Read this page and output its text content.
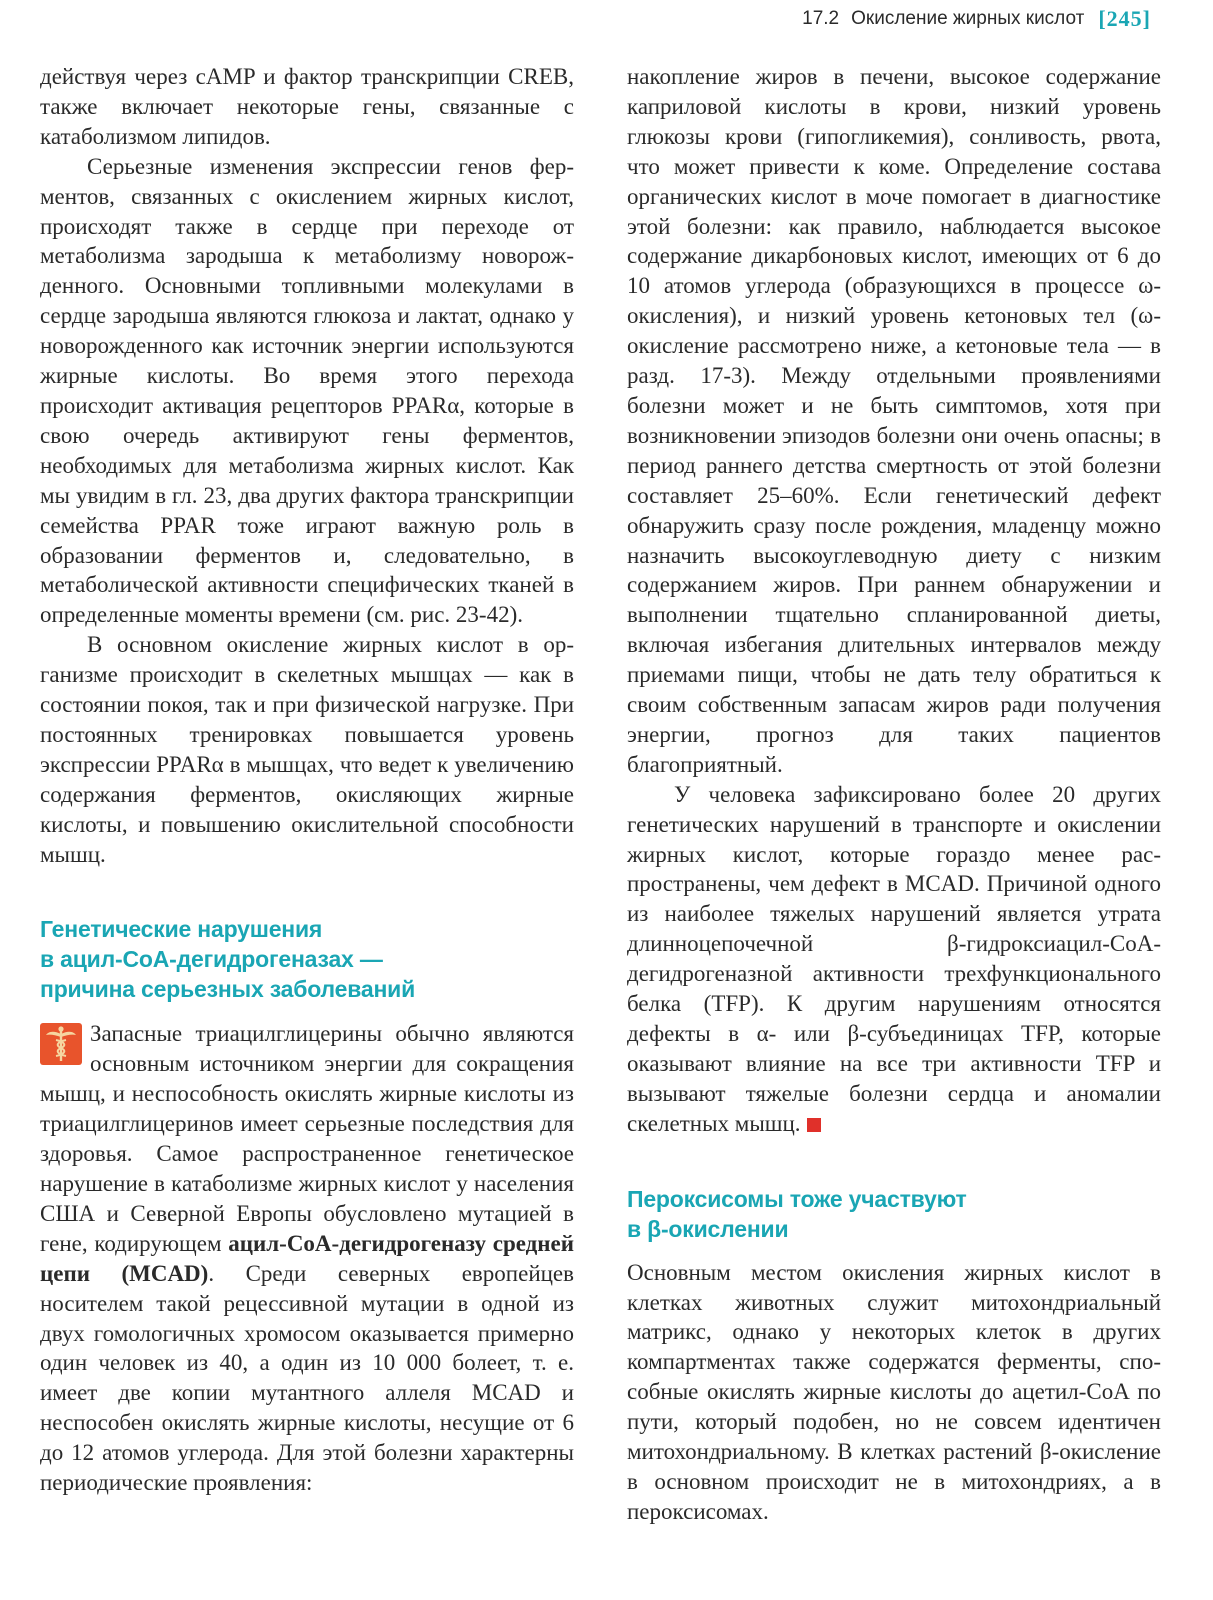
17.2 Окисление жирных кислот [245]

действуя через cAMP и фактор транскрипции CREB, также включает некоторые гены, связанные с катаболизмом липидов.

Серьезные изменения экспрессии генов ферментов, связанных с окислением жирных кислот, происходят также в сердце при переходе от метаболизма зародыша к метаболизму новорожденного. Основными топливными молекулами в сердце зародыша являются глюкоза и лактат, однако у новорожденного как источник энергии используются жирные кислоты. Во время этого перехода происходит активация рецепторов PPARα, которые в свою очередь активируют гены ферментов, необходимых для метаболизма жирных кислот. Как мы увидим в гл. 23, два других фактора транскрипции семейства PPAR тоже играют важную роль в образовании ферментов и, следовательно, в метаболической активности специфических тканей в определенные моменты времени (см. рис. 23-42).

В основном окисление жирных кислот в организме происходит в скелетных мышцах — как в состоянии покоя, так и при физической нагрузке. При постоянных тренировках повышается уровень экспрессии PPARα в мышцах, что ведет к увеличению содержания ферментов, окисляющих жирные кислоты, и повышению окислительной способности мышц.

Генетические нарушения
в ацил-CoA-дегидрогеназах —
причина серьезных заболеваний

Запасные триацилглицерины обычно являются основным источником энергии для сокращения мышц, и неспособность окислять жирные кислоты из триацилглицеринов имеет серьезные последствия для здоровья. Самое распространенное генетическое нарушение в катаболизме жирных кислот у населения США и Северной Европы обусловлено мутацией в гене, кодирующем ацил-CoA-дегидрогеназу средней цепи (MCAD). Среди северных европейцев носителем такой рецессивной мутации в одной из двух гомологичных хромосом оказывается примерно один человек из 40, а один из 10 000 болеет, т. е. имеет две копии мутантного аллеля MCAD и неспособен окислять жирные кислоты, несущие от 6 до 12 атомов углерода. Для этой болезни характерны периодические проявления:

накопление жиров в печени, высокое содержание каприловой кислоты в крови, низкий уровень глюкозы крови (гипогликемия), сонливость, рвота, что может привести к коме. Определение состава органических кислот в моче помогает в диагностике этой болезни: как правило, наблюдается высокое содержание дикарбоновых кислот, имеющих от 6 до 10 атомов углерода (образующихся в процессе ω-окисления), и низкий уровень кетоновых тел (ω-окисление рассмотрено ниже, а кетоновые тела — в разд. 17-3). Между отдельными проявлениями болезни может и не быть симптомов, хотя при возникновении эпизодов болезни они очень опасны; в период раннего детства смертность от этой болезни составляет 25–60%. Если генетический дефект обнаружить сразу после рождения, младенцу можно назначить высокоуглеводную диету с низким содержанием жиров. При раннем обнаружении и выполнении тщательно спланированной диеты, включая избегания длительных интервалов между приемами пищи, чтобы не дать телу обратиться к своим собственным запасам жиров ради получения энергии, прогноз для таких пациентов благоприятный.

У человека зафиксировано более 20 других генетических нарушений в транспорте и окислении жирных кислот, которые гораздо менее распространены, чем дефект в MCAD. Причиной одного из наиболее тяжелых нарушений является утрата длинноцепочечной β-гидроксиацил-CoA-дегидрогеназной активности трехфункционального белка (TFP). К другим нарушениям относятся дефекты в α- или β-субъединицах TFP, которые оказывают влияние на все три активности TFP и вызывают тяжелые болезни сердца и аномалии скелетных мышц.

Пероксисомы тоже участвуют
в β-окислении

Основным местом окисления жирных кислот в клетках животных служит митохондриальный матрикс, однако у некоторых клеток в других компартментах также содержатся ферменты, способные окислять жирные кислоты до ацетил-CoA по пути, который подобен, но не совсем идентичен митохондриальному. В клетках растений β-окисление в основном происходит не в митохондриях, а в пероксисомах.
